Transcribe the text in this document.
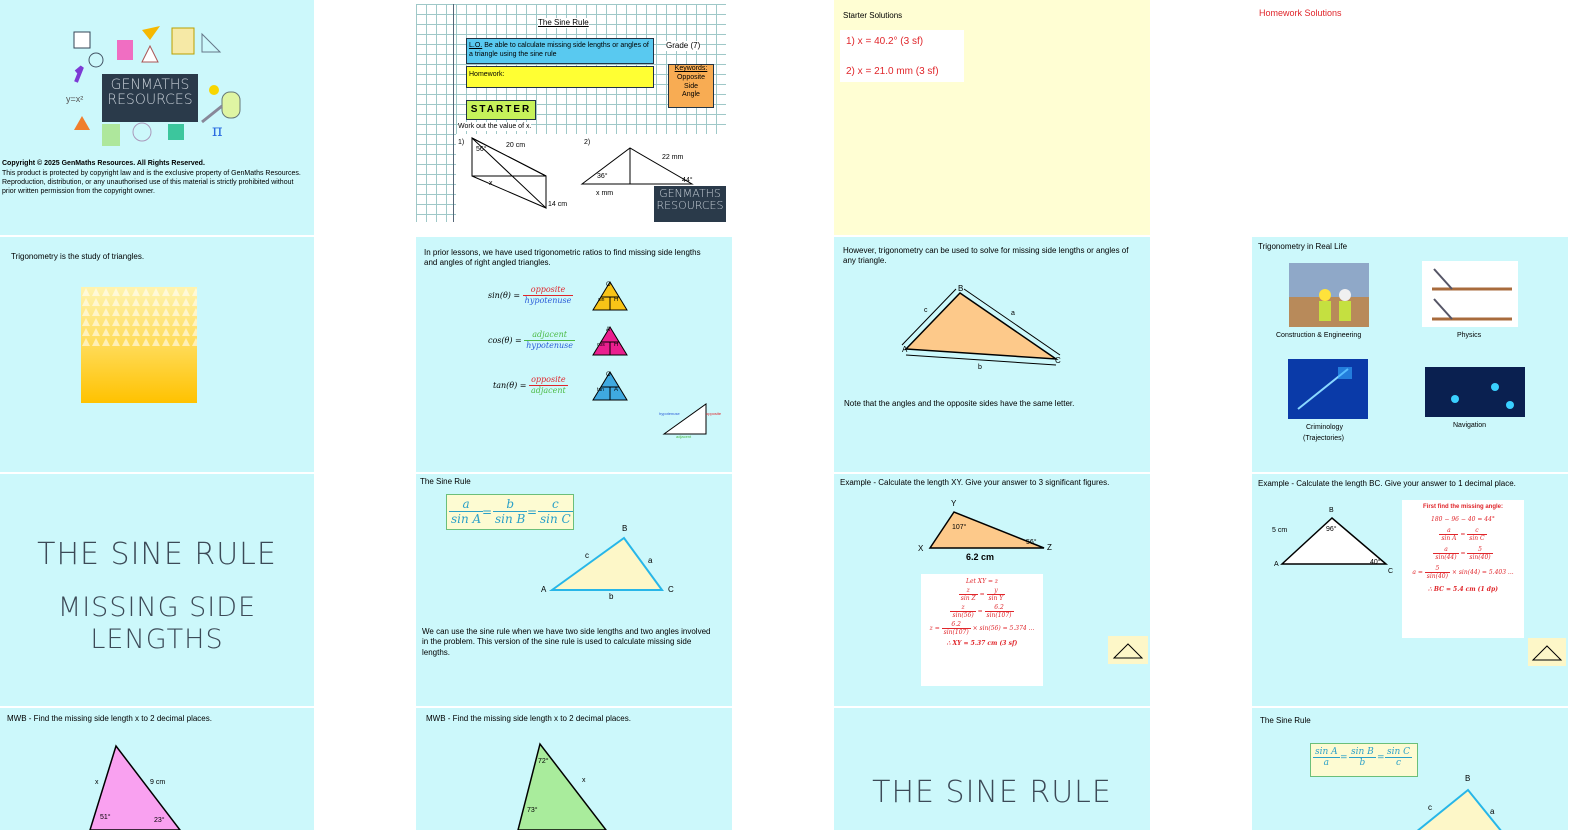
π
y=x²
GENMATHS
RESOURCES
Copyright © 2025 GenMaths Resources. All Rights Reserved.
This product is protected by copyright law and is the exclusive property of GenMaths Resources. Reproduction, distribution, or any unauthorised use of this material is strictly prohibited without prior written permission from the copyright owner.
The Sine Rule
L.O. Be able to calculate missing side lengths or angles of a triangle using the sine rule
Grade (7)
Homework:
Keywords:
Opposite
Side
Angle
STARTER
Work out the value of x.
1)
56°
20 cm
x
14 cm
2)
22 mm
36°
44°
x mm	GENMATHS
RESOURCES
Starter Solutions
1) x = 40.2° (3 sf)
2) x = 21.0 mm (3 sf)
Homework Solutions
Trigonometry is the study of triangles.	In prior lessons, we have used trigonometric ratios to find missing side lengths and angles of right angled triangles.
$\sin(\theta) = \frac{\text{opposite}}{\text{hypotenuse}}$	O
sin H
$\cos(\theta) = \frac{\text{adjacent}}{\text{hypotenuse}}$	A
cos H
$\tan(\theta) = \frac{\text{opposite}}{\text{adjacent}}$	O
tan A
hypotenuse	opposite
adjacent
However, trigonometry can be used to solve for missing side lengths or angles of any triangle.
A
B
C
a
b
c
Note that the angles and the opposite sides have the same letter.
Trigonometry in Real Life
Construction & Engineering	Physics
Criminology
(Trajectories)
Navigation
THE SINE RULE
MISSING SIDE LENGTHS
The Sine Rule
$\frac{a}{\text{sin A}}$
= $\frac{b}{\text{sin B}} = \frac{c}{\text{sin C}}$
A
B
C
a
b
c
We can use the sine rule when we have two side lengths and two angles involved in the problem. This version of the sine rule is used to calculate missing side lengths.
Example - Calculate the length XY. Give your answer to 3 significant figures.
X
Y
Z
107°
56°
6.2 cm
Let XY = z
$\frac{z}{\text{sin Z}} = \frac{y}{\text{sin Y}}$
$\frac{z}{\sin(56)} = \frac{6.2}{\sin(107)}$
$z = \frac{6.2}{\sin(107)} \times \sin(56) = 5.374$ ...
∴ XY = 5.37 cm (3 sf)
Example - Calculate the length BC. Give your answer to 1 decimal place.
A
B
C
5 cm	96°
40°
First find the missing angle:
180 − 96 − 40 = 44°
$\frac{a}{\text{sin A}} = \frac{c}{\text{sin C}}$
$\frac{a}{\sin(44)} = \frac{5}{\sin(40)}$
$a = \frac{5}{\sin(40)} \times \sin(44) = 5.403$ ...
∴ BC = 5.4 cm (1 dp)
MWB - Find the missing side length x to 2 decimal places.
x	9 cm
51°	23°
MWB - Find the missing side length x to 2 decimal places.
x
72°
73°
THE SINE RULE
The Sine Rule
$\frac{\text{sin A}}{a} = \frac{\text{sin B}}{b} = \frac{\text{sin C}}{c}$
B
c	a
